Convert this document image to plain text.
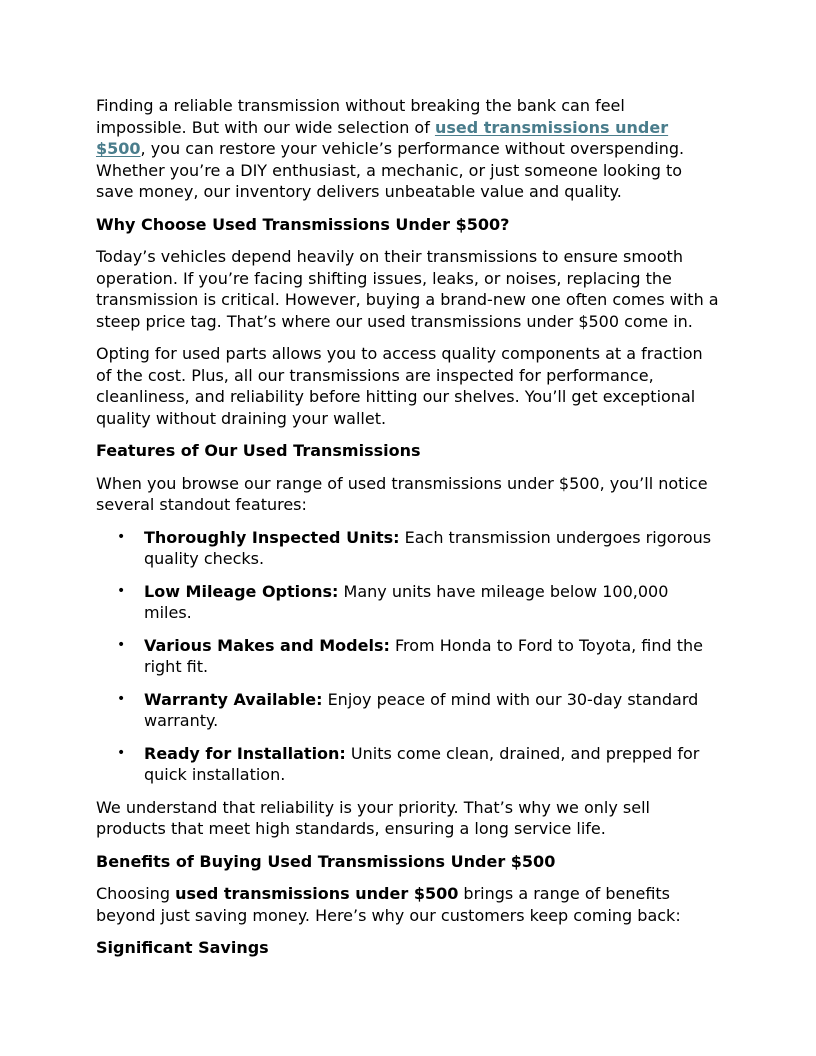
Finding a reliable transmission without breaking the bank can feel impossible. But with our wide selection of used transmissions under $500, you can restore your vehicle’s performance without overspending. Whether you’re a DIY enthusiast, a mechanic, or just someone looking to save money, our inventory delivers unbeatable value and quality.

Why Choose Used Transmissions Under $500?

Today’s vehicles depend heavily on their transmissions to ensure smooth operation. If you’re facing shifting issues, leaks, or noises, replacing the transmission is critical. However, buying a brand-new one often comes with a steep price tag. That’s where our used transmissions under $500 come in.

Opting for used parts allows you to access quality components at a fraction of the cost. Plus, all our transmissions are inspected for performance, cleanliness, and reliability before hitting our shelves. You’ll get exceptional quality without draining your wallet.

Features of Our Used Transmissions

When you browse our range of used transmissions under $500, you’ll notice several standout features:

• Thoroughly Inspected Units: Each transmission undergoes rigorous quality checks.
• Low Mileage Options: Many units have mileage below 100,000 miles.
• Various Makes and Models: From Honda to Ford to Toyota, find the right fit.
• Warranty Available: Enjoy peace of mind with our 30-day standard warranty.
• Ready for Installation: Units come clean, drained, and prepped for quick installation.

We understand that reliability is your priority. That’s why we only sell products that meet high standards, ensuring a long service life.

Benefits of Buying Used Transmissions Under $500

Choosing used transmissions under $500 brings a range of benefits beyond just saving money. Here’s why our customers keep coming back:

Significant Savings
